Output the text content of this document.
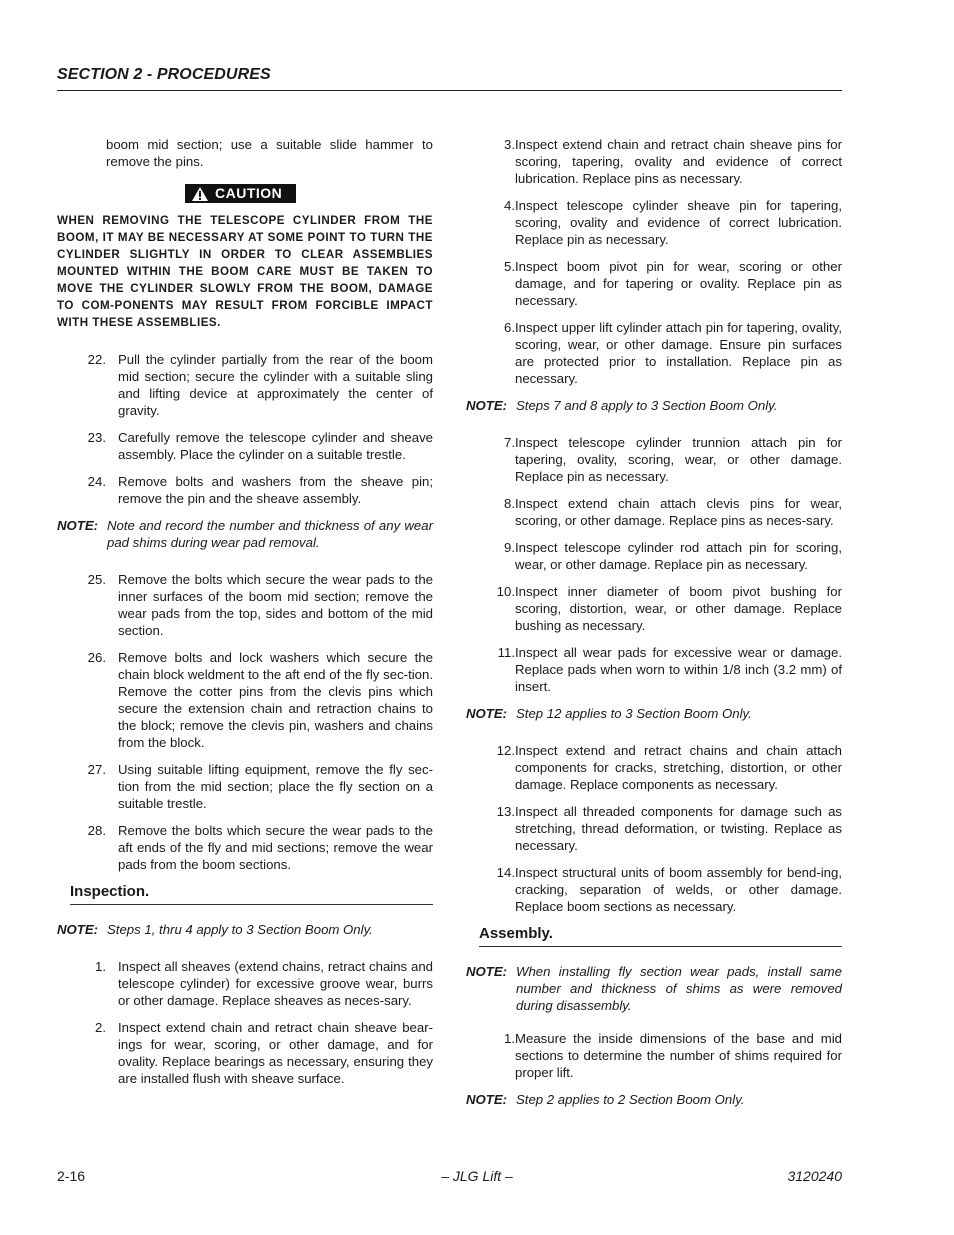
SECTION 2 - PROCEDURES

boom mid section; use a suitable slide hammer to remove the pins.

CAUTION
WHEN REMOVING THE TELESCOPE CYLINDER FROM THE BOOM, IT MAY BE NECESSARY AT SOME POINT TO TURN THE CYLINDER SLIGHTLY IN ORDER TO CLEAR ASSEMBLIES MOUNTED WITHIN THE BOOM CARE MUST BE TAKEN TO MOVE THE CYLINDER SLOWLY FROM THE BOOM, DAMAGE TO COM-PONENTS MAY RESULT FROM FORCIBLE IMPACT WITH THESE ASSEMBLIES.
22. Pull the cylinder partially from the rear of the boom mid section; secure the cylinder with a suitable sling and lifting device at approximately the center of gravity.
23. Carefully remove the telescope cylinder and sheave assembly. Place the cylinder on a suitable trestle.
24. Remove bolts and washers from the sheave pin; remove the pin and the sheave assembly.
NOTE: Note and record the number and thickness of any wear pad shims during wear pad removal.
25. Remove the bolts which secure the wear pads to the inner surfaces of the boom mid section; remove the wear pads from the top, sides and bottom of the mid section.
26. Remove bolts and lock washers which secure the chain block weldment to the aft end of the fly sec-tion. Remove the cotter pins from the clevis pins which secure the extension chain and retraction chains to the block; remove the clevis pin, washers and chains from the block.
27. Using suitable lifting equipment, remove the fly sec-tion from the mid section; place the fly section on a suitable trestle.
28. Remove the bolts which secure the wear pads to the aft ends of the fly and mid sections; remove the wear pads from the boom sections.
Inspection.
NOTE: Steps 1, thru 4 apply to 3 Section Boom Only.
1. Inspect all sheaves (extend chains, retract chains and telescope cylinder) for excessive groove wear, burrs or other damage. Replace sheaves as neces-sary.
2. Inspect extend chain and retract chain sheave bear-ings for wear, scoring, or other damage, and for ovality. Replace bearings as necessary, ensuring they are installed flush with sheave surface.
3. Inspect extend chain and retract chain sheave pins for scoring, tapering, ovality and evidence of correct lubrication. Replace pins as necessary.
4. Inspect telescope cylinder sheave pin for tapering, scoring, ovality and evidence of correct lubrication. Replace pin as necessary.
5. Inspect boom pivot pin for wear, scoring or other damage, and for tapering or ovality. Replace pin as necessary.
6. Inspect upper lift cylinder attach pin for tapering, ovality, scoring, wear, or other damage. Ensure pin surfaces are protected prior to installation. Replace pin as necessary.
NOTE: Steps 7 and 8 apply to 3 Section Boom Only.
7. Inspect telescope cylinder trunnion attach pin for tapering, ovality, scoring, wear, or other damage. Replace pin as necessary.
8. Inspect extend chain attach clevis pins for wear, scoring, or other damage. Replace pins as neces-sary.
9. Inspect telescope cylinder rod attach pin for scoring, wear, or other damage. Replace pin as necessary.
10. Inspect inner diameter of boom pivot bushing for scoring, distortion, wear, or other damage. Replace bushing as necessary.
11. Inspect all wear pads for excessive wear or damage. Replace pads when worn to within 1/8 inch (3.2 mm) of insert.
NOTE: Step 12 applies to 3 Section Boom Only.
12. Inspect extend and retract chains and chain attach components for cracks, stretching, distortion, or other damage. Replace components as necessary.
13. Inspect all threaded components for damage such as stretching, thread deformation, or twisting. Replace as necessary.
14. Inspect structural units of boom assembly for bend-ing, cracking, separation of welds, or other damage. Replace boom sections as necessary.
Assembly.
NOTE: When installing fly section wear pads, install same number and thickness of shims as were removed during disassembly.
1. Measure the inside dimensions of the base and mid sections to determine the number of shims required for proper lift.
NOTE: Step 2 applies to 2 Section Boom Only.
2-16	– JLG Lift –	3120240
